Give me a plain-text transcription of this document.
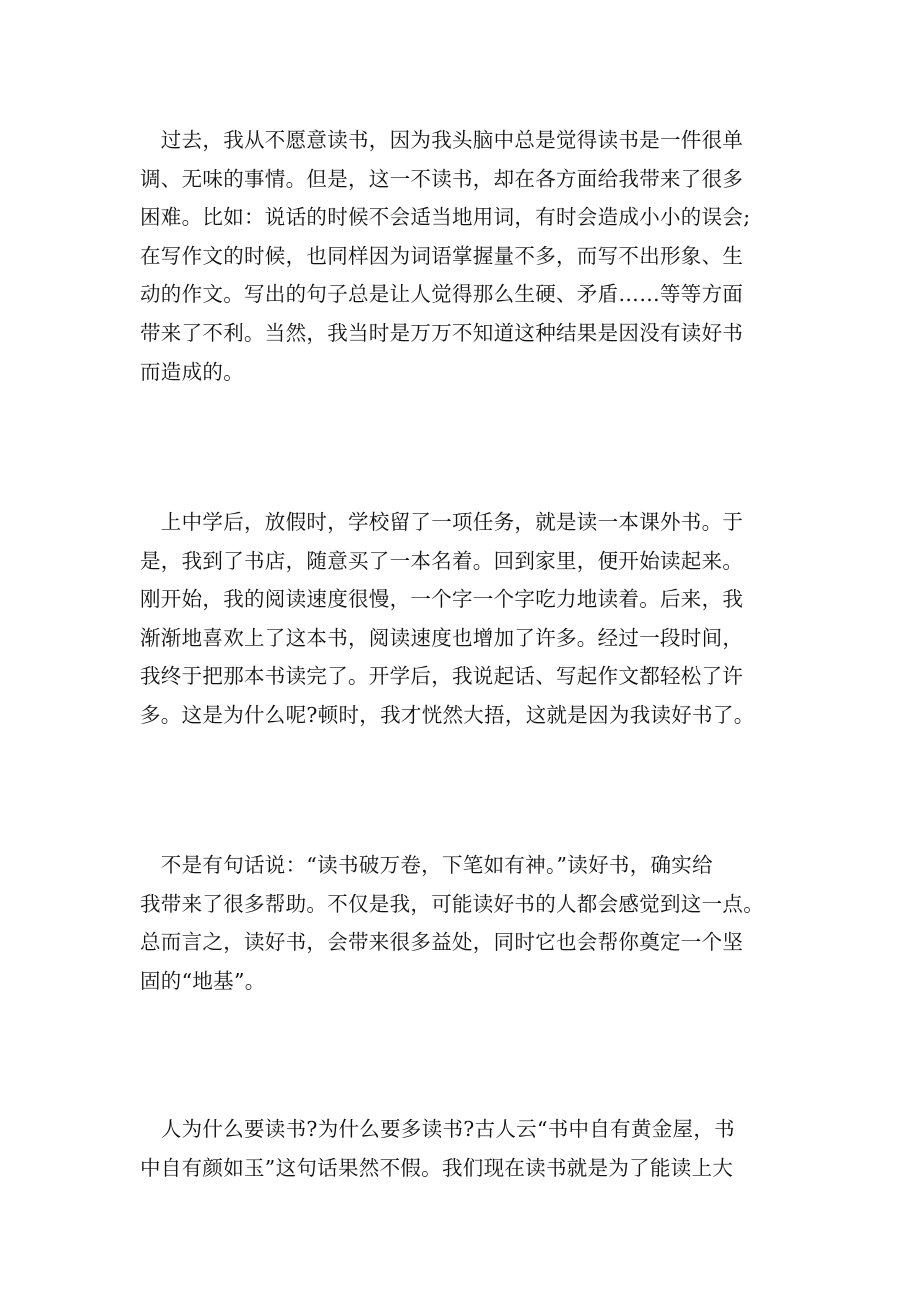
　过去，我从不愿意读书，因为我头脑中总是觉得读书是一件很单
调、无味的事情。但是，这一不读书，却在各方面给我带来了很多
困难。比如：说话的时候不会适当地用词，有时会造成小小的误会;
在写作文的时候，也同样因为词语掌握量不多，而写不出形象、生
动的作文。写出的句子总是让人觉得那么生硬、矛盾……等等方面
带来了不利。当然，我当时是万万不知道这种结果是因没有读好书
而造成的。
　上中学后，放假时，学校留了一项任务，就是读一本课外书。于
是，我到了书店，随意买了一本名着。回到家里，便开始读起来。
刚开始，我的阅读速度很慢，一个字一个字吃力地读着。后来，我
渐渐地喜欢上了这本书，阅读速度也增加了许多。经过一段时间，
我终于把那本书读完了。开学后，我说起话、写起作文都轻松了许
多。这是为什么呢?顿时，我才恍然大捂，这就是因为我读好书了。
　不是有句话说：“读书破万卷，下笔如有神。”读好书，确实给
我带来了很多帮助。不仅是我，可能读好书的人都会感觉到这一点。
总而言之，读好书，会带来很多益处，同时它也会帮你奠定一个坚
固的“地基”。
　人为什么要读书?为什么要多读书?古人云“书中自有黄金屋，书
中自有颜如玉”这句话果然不假。我们现在读书就是为了能读上大
